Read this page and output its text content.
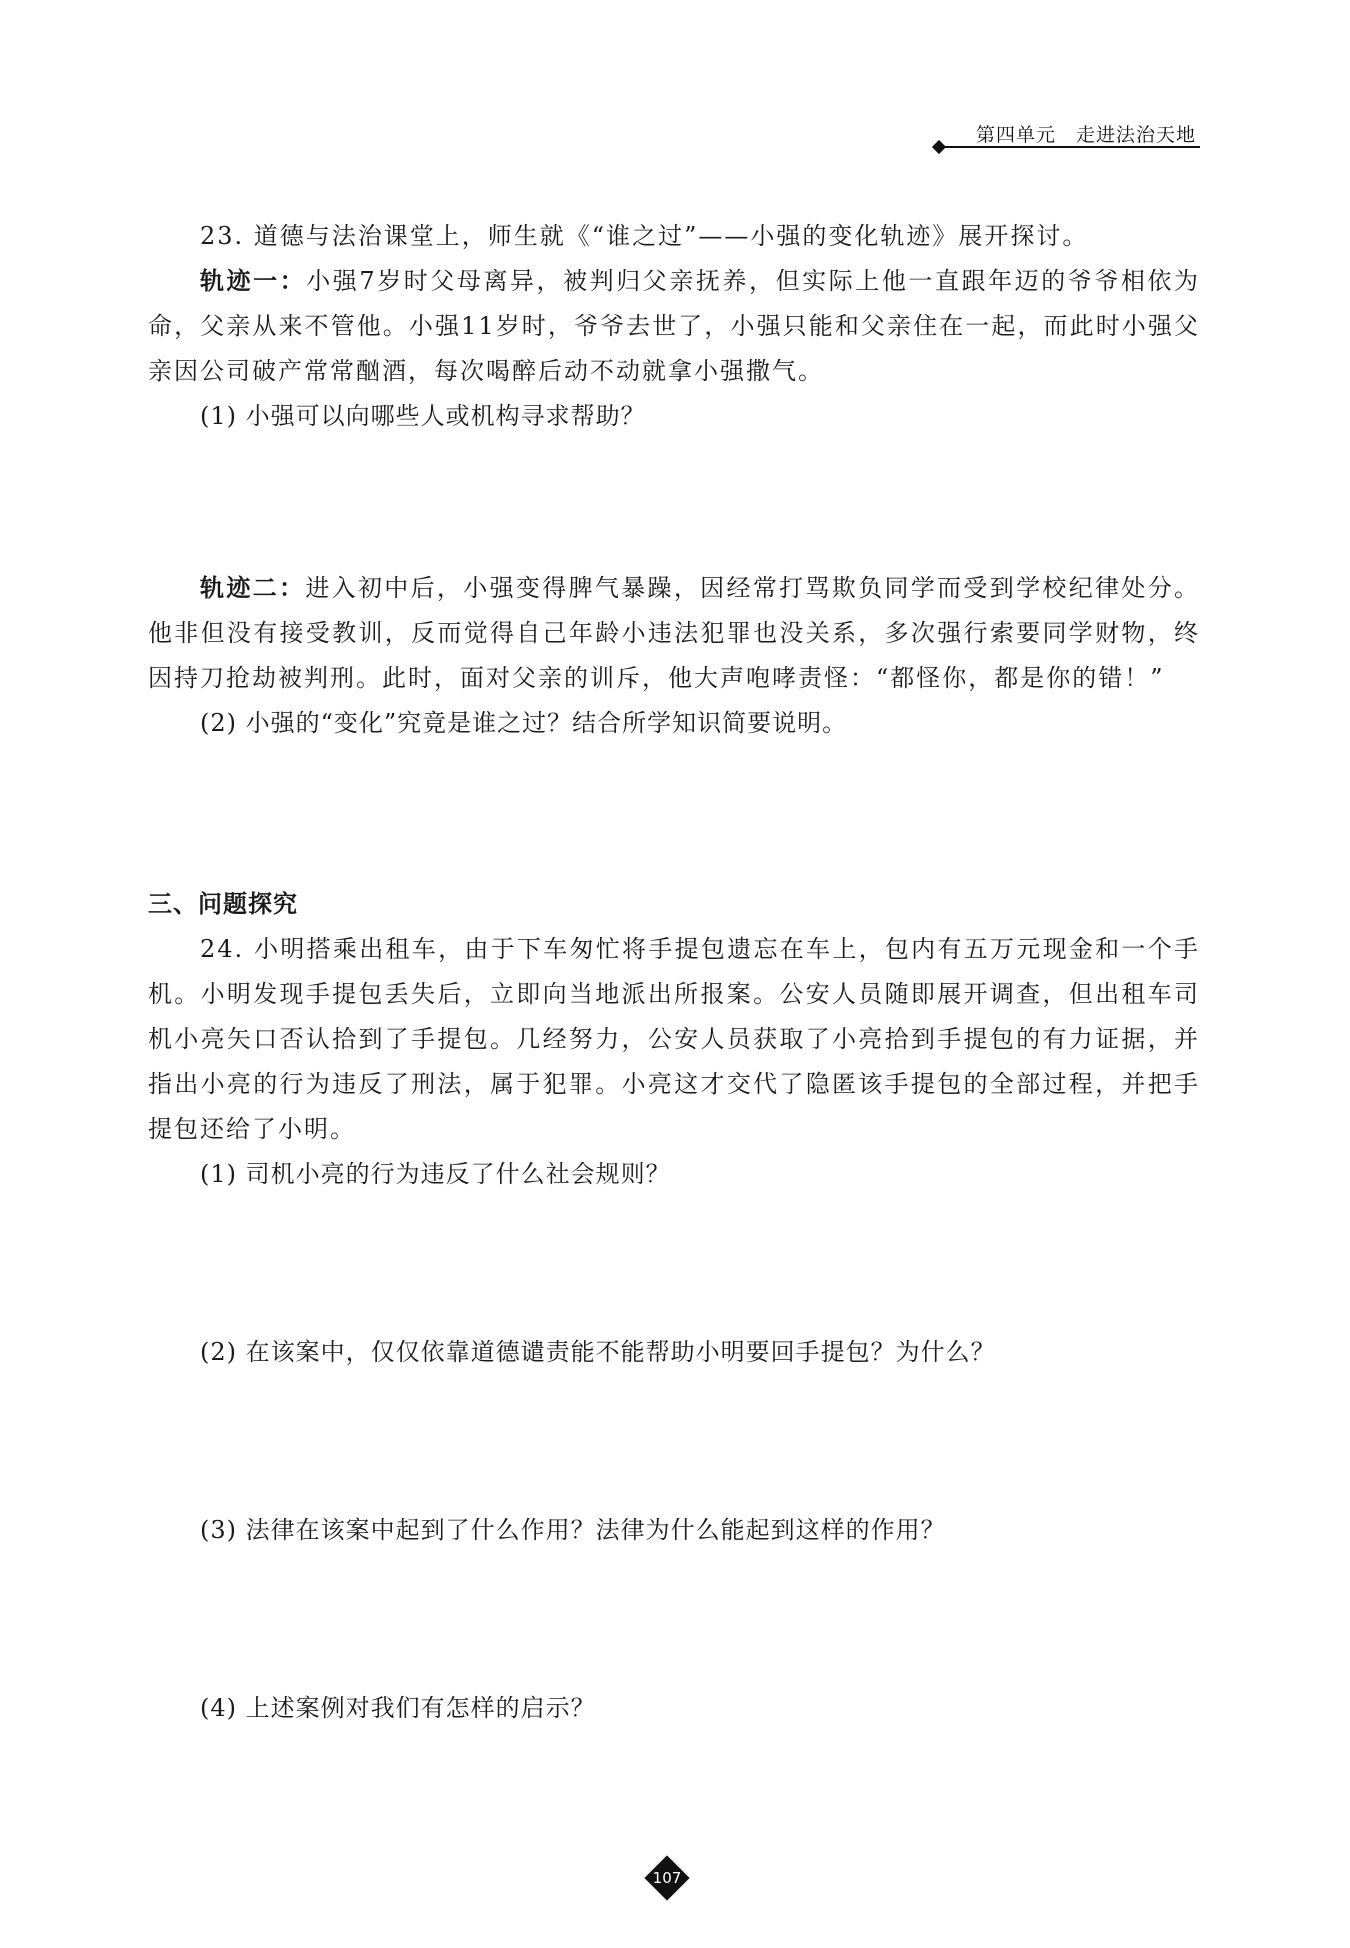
第四单元　走进法治天地

23. 道德与法治课堂上，师生就《“谁之过”——小强的变化轨迹》展开探讨。

轨迹一：小强7岁时父母离异，被判归父亲抚养，但实际上他一直跟年迈的爷爷相依为命，父亲从来不管他。小强11岁时，爷爷去世了，小强只能和父亲住在一起，而此时小强父亲因公司破产常常酗酒，每次喝醉后动不动就拿小强撒气。

(1) 小强可以向哪些人或机构寻求帮助？

轨迹二：进入初中后，小强变得脾气暴躁，因经常打骂欺负同学而受到学校纪律处分。他非但没有接受教训，反而觉得自己年龄小违法犯罪也没关系，多次强行索要同学财物，终因持刀抢劫被判刑。此时，面对父亲的训斥，他大声咆哮责怪：“都怪你，都是你的错！”

(2) 小强的“变化”究竟是谁之过？结合所学知识简要说明。

三、问题探究

24. 小明搭乘出租车，由于下车匆忙将手提包遗忘在车上，包内有五万元现金和一个手机。小明发现手提包丢失后，立即向当地派出所报案。公安人员随即展开调查，但出租车司机小亮矢口否认拾到了手提包。几经努力，公安人员获取了小亮拾到手提包的有力证据，并指出小亮的行为违反了刑法，属于犯罪。小亮这才交代了隐匿该手提包的全部过程，并把手提包还给了小明。

(1) 司机小亮的行为违反了什么社会规则？

(2) 在该案中，仅仅依靠道德谴责能不能帮助小明要回手提包？为什么？

(3) 法律在该案中起到了什么作用？法律为什么能起到这样的作用？

(4) 上述案例对我们有怎样的启示？

107
